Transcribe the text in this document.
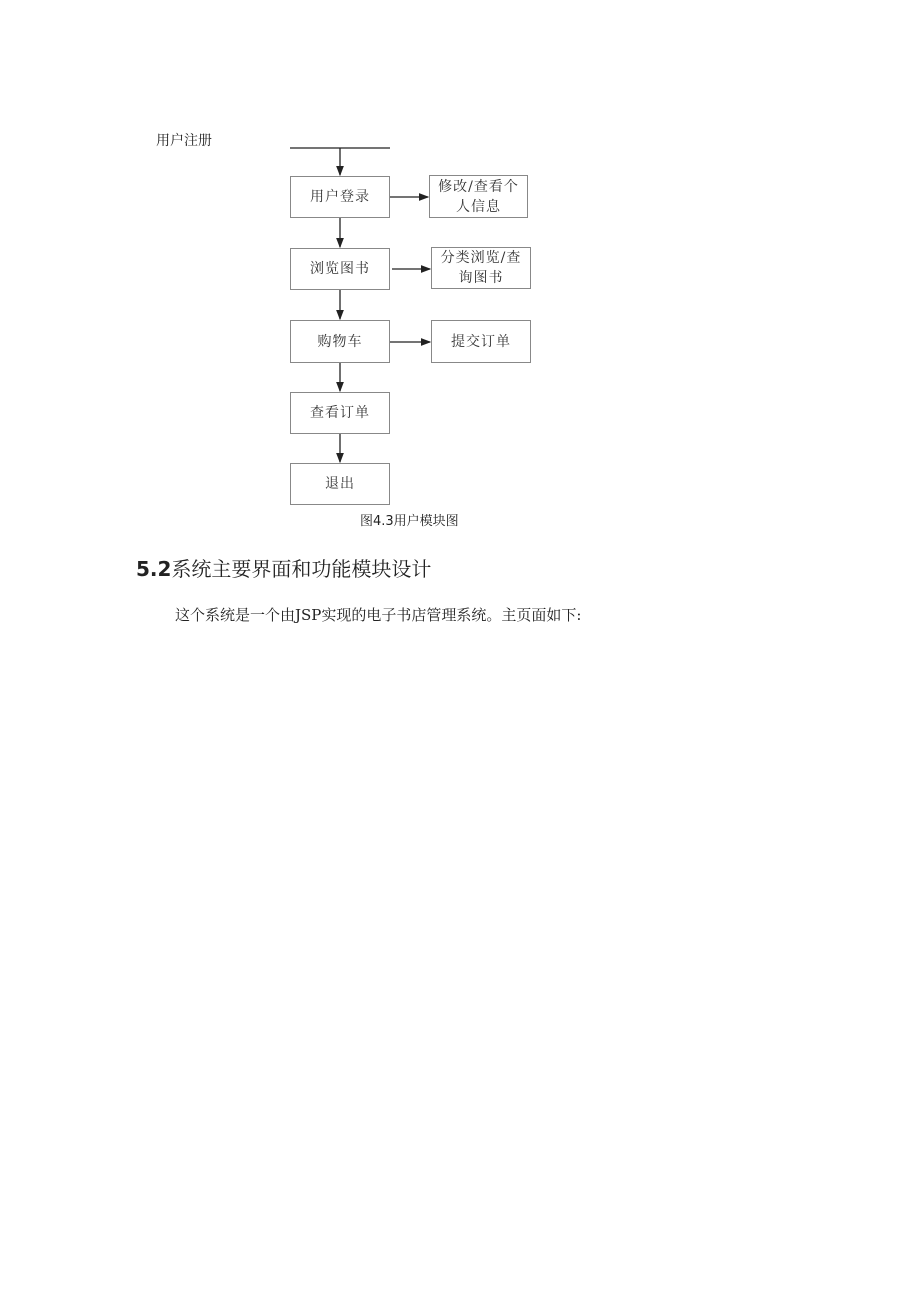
用户注册
用户登录
浏览图书
购物车
查看订单
退出
修改/查看个人信息
分类浏览/查询图书
提交订单
图4.3用户模块图
5.2系统主要界面和功能模块设计
这个系统是一个由JSP实现的电子书店管理系统。主页面如下:
